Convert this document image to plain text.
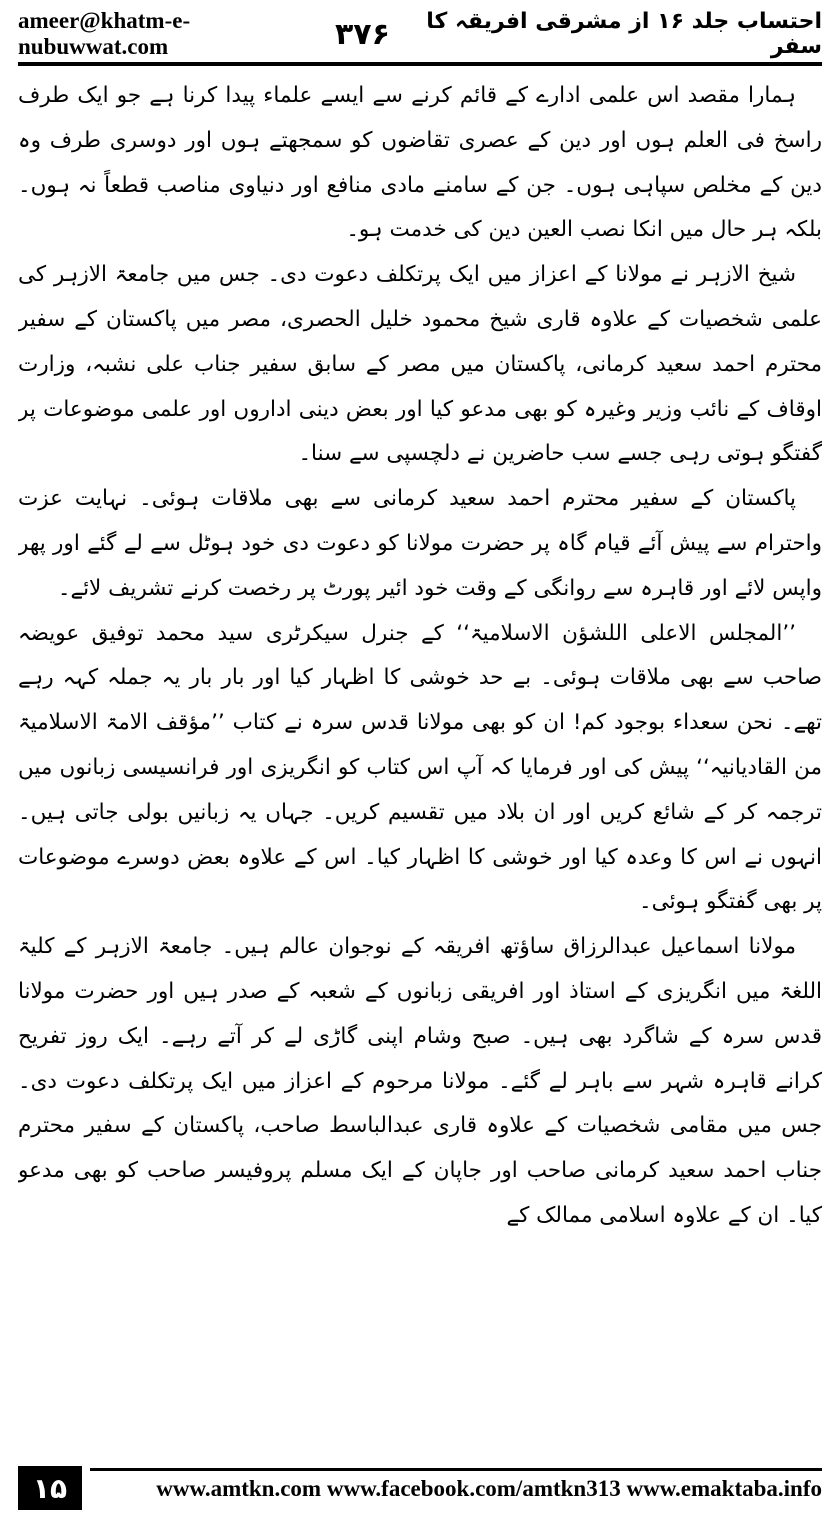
ameer@khatm-e-nubuwwat.com	۳۷۶	احتساب جلد ۱۶ از مشرقی افریقہ کا سفر

ہمارا مقصد اس علمی ادارے کے قائم کرنے سے ایسے علماء پیدا کرنا ہے جو ایک طرف راسخ فی العلم ہوں اور دین کے عصری تقاضوں کو سمجھتے ہوں اور دوسری طرف وہ دین کے مخلص سپاہی ہوں۔ جن کے سامنے مادی منافع اور دنیاوی مناصب قطعاً نہ ہوں۔ بلکہ ہر حال میں انکا نصب العین دین کی خدمت ہو۔

شیخ الازہر نے مولانا کے اعزاز میں ایک پرتکلف دعوت دی۔ جس میں جامعۃ الازہر کی علمی شخصیات کے علاوہ قاری شیخ محمود خلیل الحصری، مصر میں پاکستان کے سفیر محترم احمد سعید کرمانی، پاکستان میں مصر کے سابق سفیر جناب علی نشبہ، وزارت اوقاف کے نائب وزیر وغیرہ کو بھی مدعو کیا اور بعض دینی اداروں اور علمی موضوعات پر گفتگو ہوتی رہی جسے سب حاضرین نے دلچسپی سے سنا۔

پاکستان کے سفیر محترم احمد سعید کرمانی سے بھی ملاقات ہوئی۔ نہایت عزت واحترام سے پیش آئے قیام گاہ پر حضرت مولانا کو دعوت دی خود ہوٹل سے لے گئے اور پھر واپس لائے اور قاہرہ سے روانگی کے وقت خود ائیر پورٹ پر رخصت کرنے تشریف لائے۔

’’المجلس الاعلی اللشؤن الاسلامیۃ‘‘ کے جنرل سیکرٹری سید محمد توفیق عویضہ صاحب سے بھی ملاقات ہوئی۔ بے حد خوشی کا اظہار کیا اور بار بار یہ جملہ کہہ رہے تھے۔ نحن سعداء بوجود کم! ان کو بھی مولانا قدس سرہ نے کتاب ’’مؤقف الامۃ الاسلامیۃ من القادیانیہ‘‘ پیش کی اور فرمایا کہ آپ اس کتاب کو انگریزی اور فرانسیسی زبانوں میں ترجمہ کر کے شائع کریں اور ان بلاد میں تقسیم کریں۔ جہاں یہ زبانیں بولی جاتی ہیں۔ انہوں نے اس کا وعدہ کیا اور خوشی کا اظہار کیا۔ اس کے علاوہ بعض دوسرے موضوعات پر بھی گفتگو ہوئی۔

مولانا اسماعیل عبدالرزاق ساؤتھ افریقہ کے نوجوان عالم ہیں۔ جامعۃ الازہر کے کلیۃ اللغۃ میں انگریزی کے استاذ اور افریقی زبانوں کے شعبہ کے صدر ہیں اور حضرت مولانا قدس سرہ کے شاگرد بھی ہیں۔ صبح وشام اپنی گاڑی لے کر آتے رہے۔ ایک روز تفریح کرانے قاہرہ شہر سے باہر لے گئے۔ مولانا مرحوم کے اعزاز میں ایک پرتکلف دعوت دی۔ جس میں مقامی شخصیات کے علاوہ قاری عبدالباسط صاحب، پاکستان کے سفیر محترم جناب احمد سعید کرمانی صاحب اور جاپان کے ایک مسلم پروفیسر صاحب کو بھی مدعو کیا۔ ان کے علاوہ اسلامی ممالک کے

۱۵	www.amtkn.com www.facebook.com/amtkn313 www.emaktaba.info
